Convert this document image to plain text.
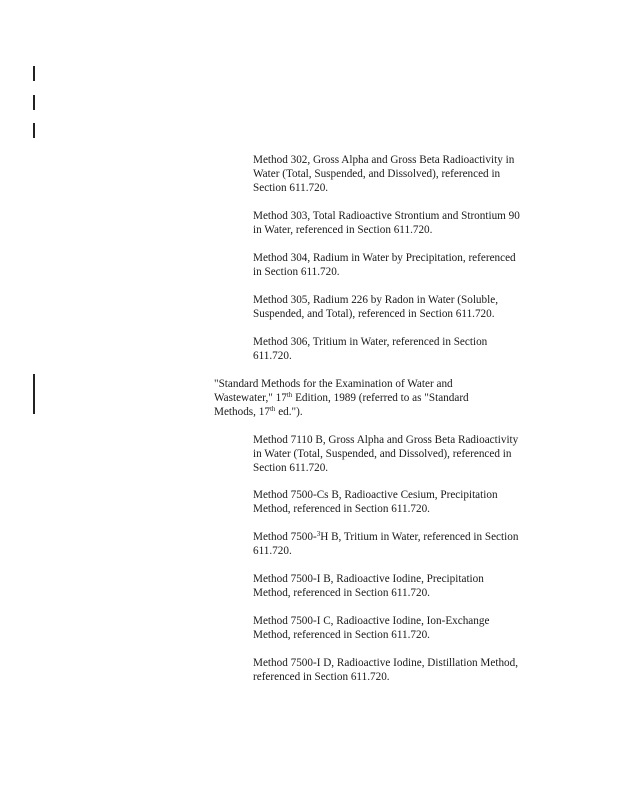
Method 302, Gross Alpha and Gross Beta Radioactivity in
Water (Total, Suspended, and Dissolved), referenced in
Section 611.720.
Method 303, Total Radioactive Strontium and Strontium 90
in Water, referenced in Section 611.720.
Method 304, Radium in Water by Precipitation, referenced
in Section 611.720.
Method 305, Radium 226 by Radon in Water (Soluble,
Suspended, and Total), referenced in Section 611.720.
Method 306, Tritium in Water, referenced in Section
611.720.
"Standard Methods for the Examination of Water and
Wastewater," 17th Edition, 1989 (referred to as "Standard
Methods, 17th ed.").
Method 7110 B, Gross Alpha and Gross Beta Radioactivity
in Water (Total, Suspended, and Dissolved), referenced in
Section 611.720.
Method 7500-Cs B, Radioactive Cesium, Precipitation
Method, referenced in Section 611.720.
Method 7500-$^3$H B, Tritium in Water, referenced in Section
611.720.
Method 7500-I B, Radioactive Iodine, Precipitation
Method, referenced in Section 611.720.
Method 7500-I C, Radioactive Iodine, Ion-Exchange
Method, referenced in Section 611.720.
Method 7500-I D, Radioactive Iodine, Distillation Method,
referenced in Section 611.720.
